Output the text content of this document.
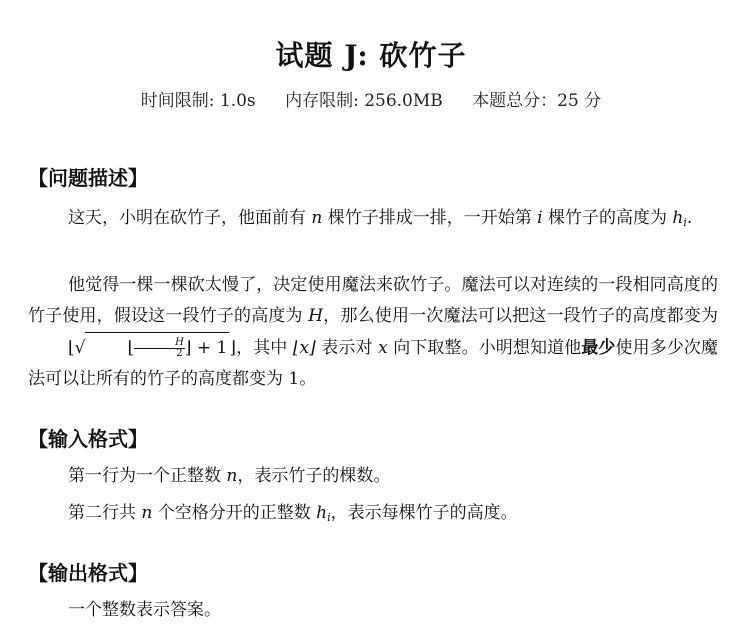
试题 J: 砍竹子
时间限制: 1.0s 内存限制: 256.0MB 本题总分：25 分
【问题描述】
这天，小明在砍竹子，他面前有 n 棵竹子排成一排，一开始第 i 棵竹子的高度为 $h_i$.
他觉得一棵一棵砍太慢了，决定使用魔法来砍竹子。魔法可以对连续的一段相同高度的竹子使用，假设这一段竹子的高度为 H，那么使用一次魔法可以把这一段竹子的高度都变为 ⌊√ ⌊ $\frac{H}{2}$ ⌋ + 1 ⌋，其中 ⌊x⌋ 表示对 x 向下取整。小明想知道他最少使用多少次魔法可以让所有的竹子的高度都变为 1。
【输入格式】
第一行为一个正整数 n，表示竹子的棵数。
第二行共 n 个空格分开的正整数 $h_i$，表示每棵竹子的高度。
【输出格式】
一个整数表示答案。
